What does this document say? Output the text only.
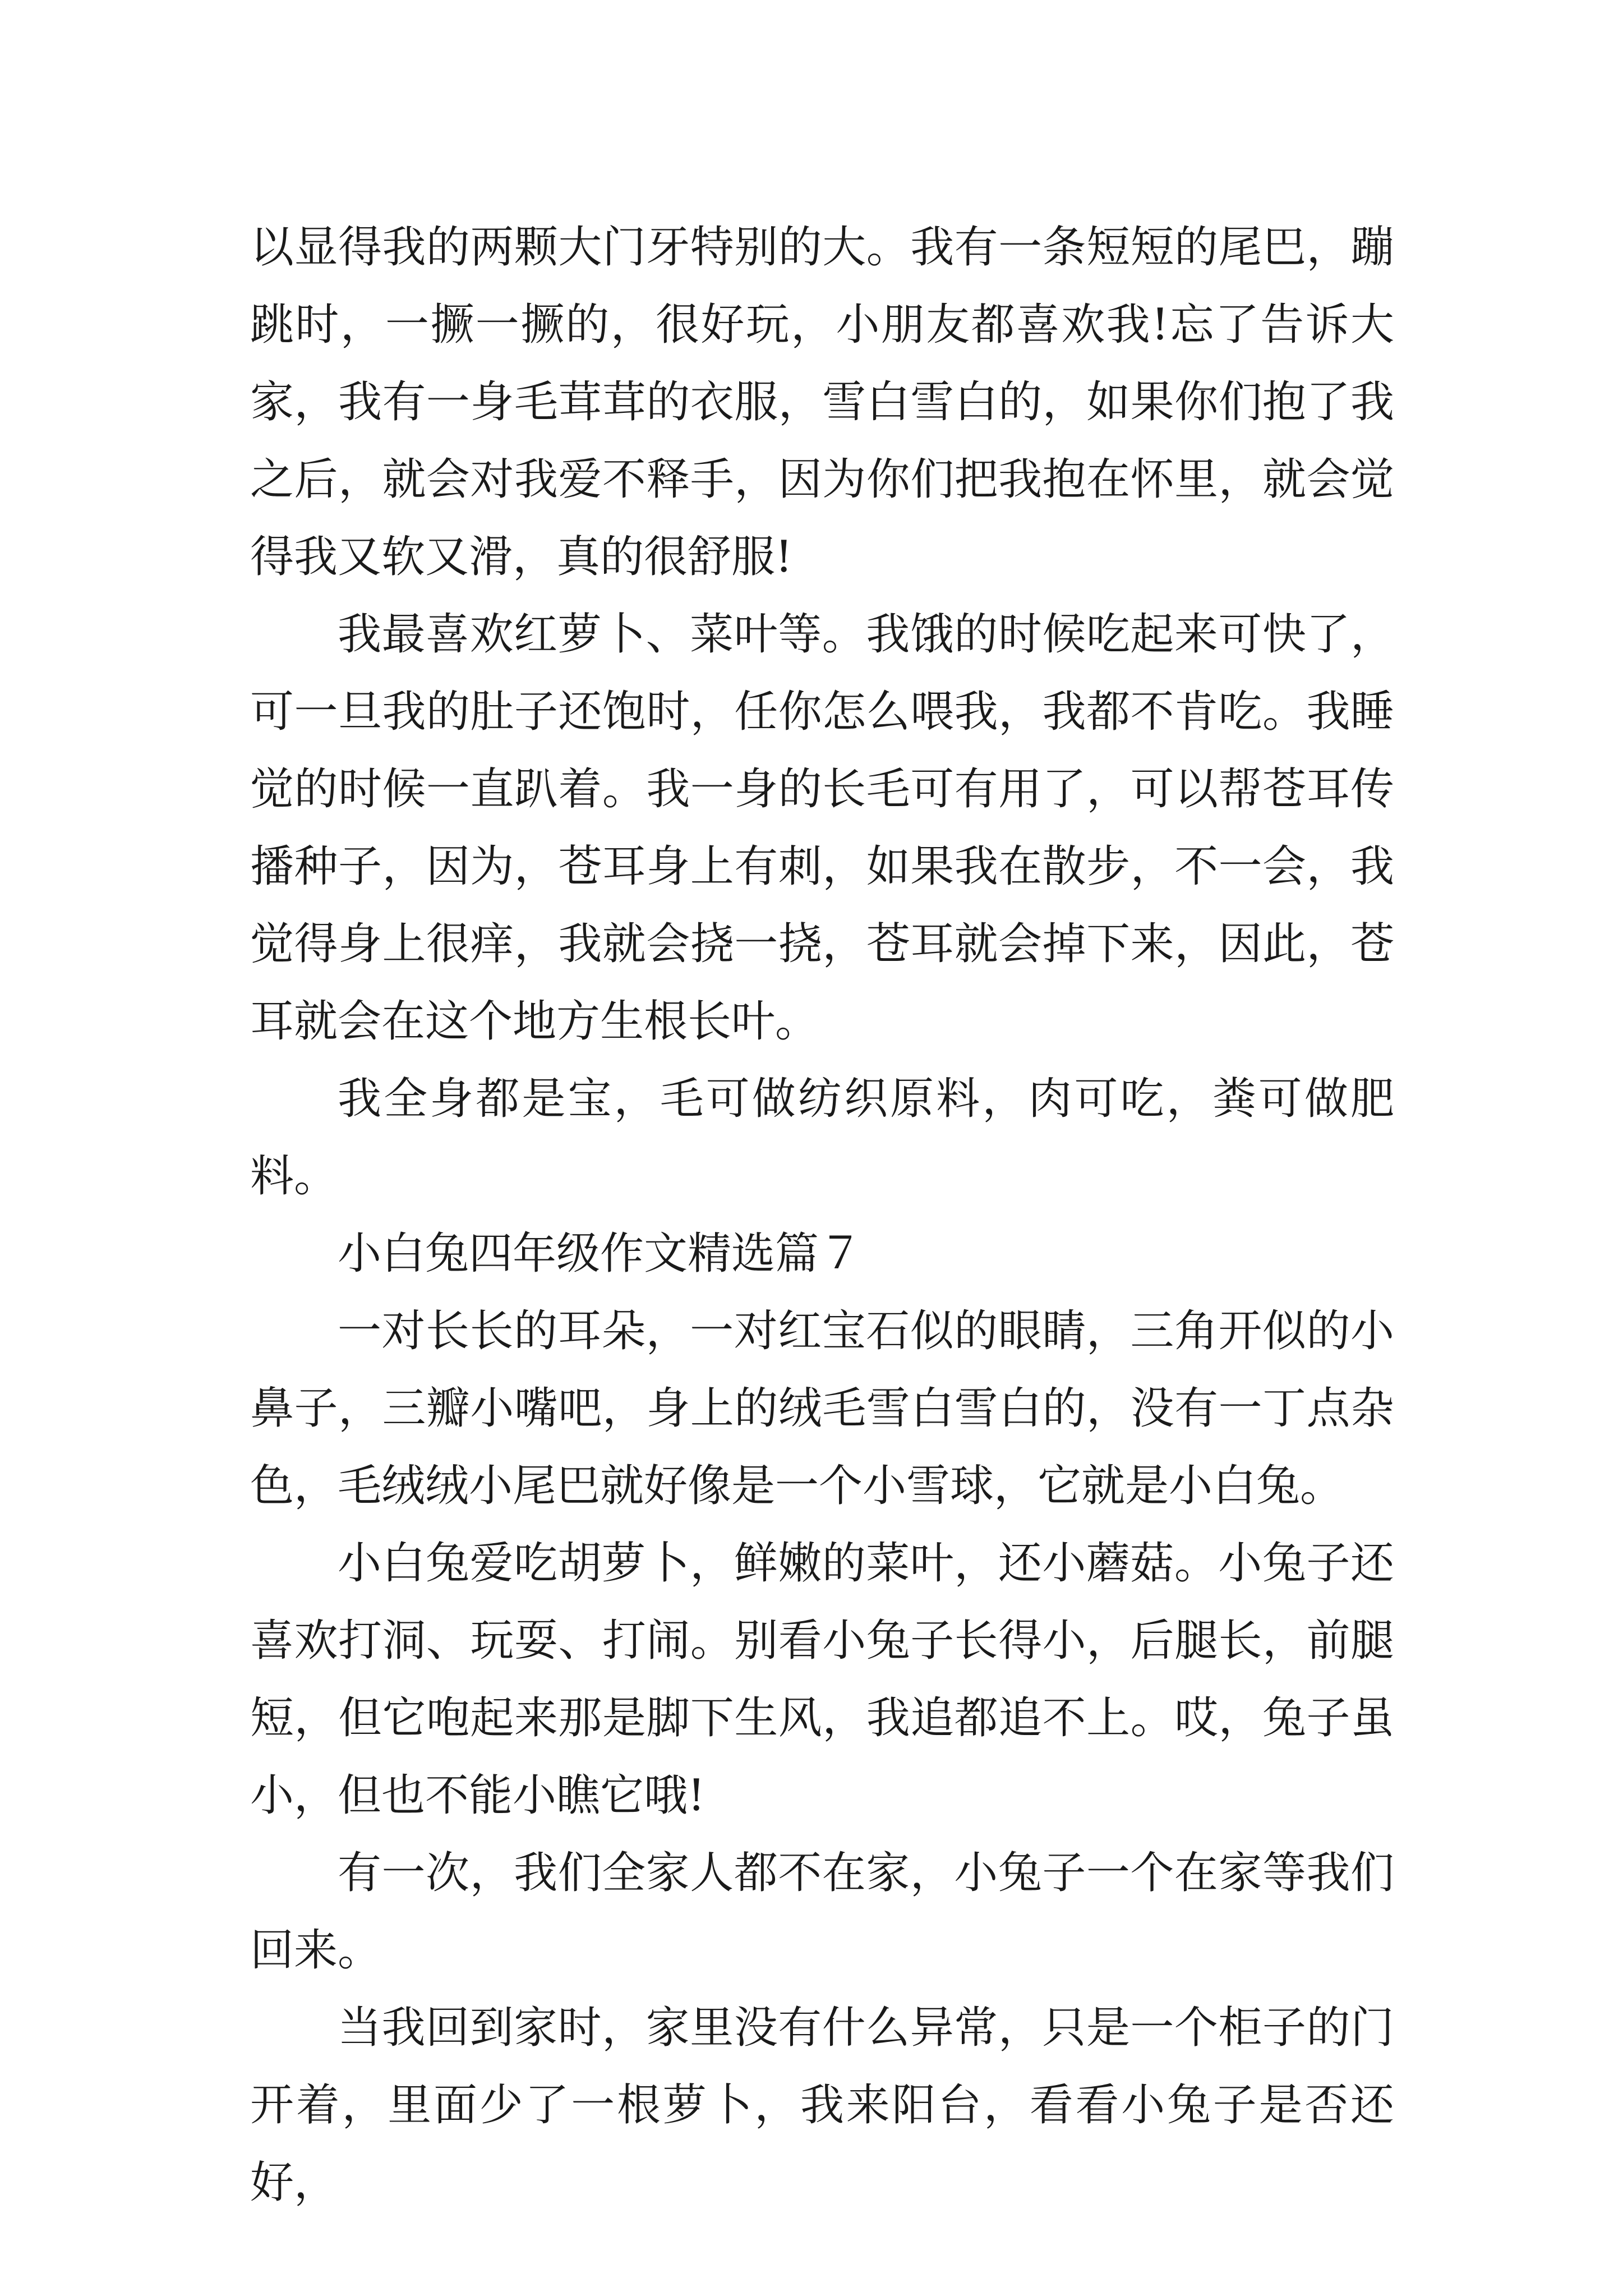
以显得我的两颗大门牙特别的大。我有一条短短的尾巴，蹦跳时，一撅一撅的，很好玩，小朋友都喜欢我!忘了告诉大家，我有一身毛茸茸的衣服，雪白雪白的，如果你们抱了我之后，就会对我爱不释手，因为你们把我抱在怀里，就会觉得我又软又滑，真的很舒服!

我最喜欢红萝卜、菜叶等。我饿的时候吃起来可快了，可一旦我的肚子还饱时，任你怎么喂我，我都不肯吃。我睡觉的时候一直趴着。我一身的长毛可有用了，可以帮苍耳传播种子，因为，苍耳身上有刺，如果我在散步，不一会，我觉得身上很痒，我就会挠一挠，苍耳就会掉下来，因此，苍耳就会在这个地方生根长叶。

我全身都是宝，毛可做纺织原料，肉可吃，粪可做肥料。

小白兔四年级作文精选篇７

一对长长的耳朵，一对红宝石似的眼睛，三角开似的小鼻子，三瓣小嘴吧，身上的绒毛雪白雪白的，没有一丁点杂色，毛绒绒小尾巴就好像是一个小雪球，它就是小白兔。

小白兔爱吃胡萝卜，鲜嫩的菜叶，还小蘑菇。小兔子还喜欢打洞、玩耍、打闹。别看小兔子长得小，后腿长，前腿短，但它咆起来那是脚下生风，我追都追不上。哎，兔子虽小，但也不能小瞧它哦!

有一次，我们全家人都不在家，小兔子一个在家等我们回来。

当我回到家时，家里没有什么异常，只是一个柜子的门开着，里面少了一根萝卜，我来阳台，看看小兔子是否还好，
